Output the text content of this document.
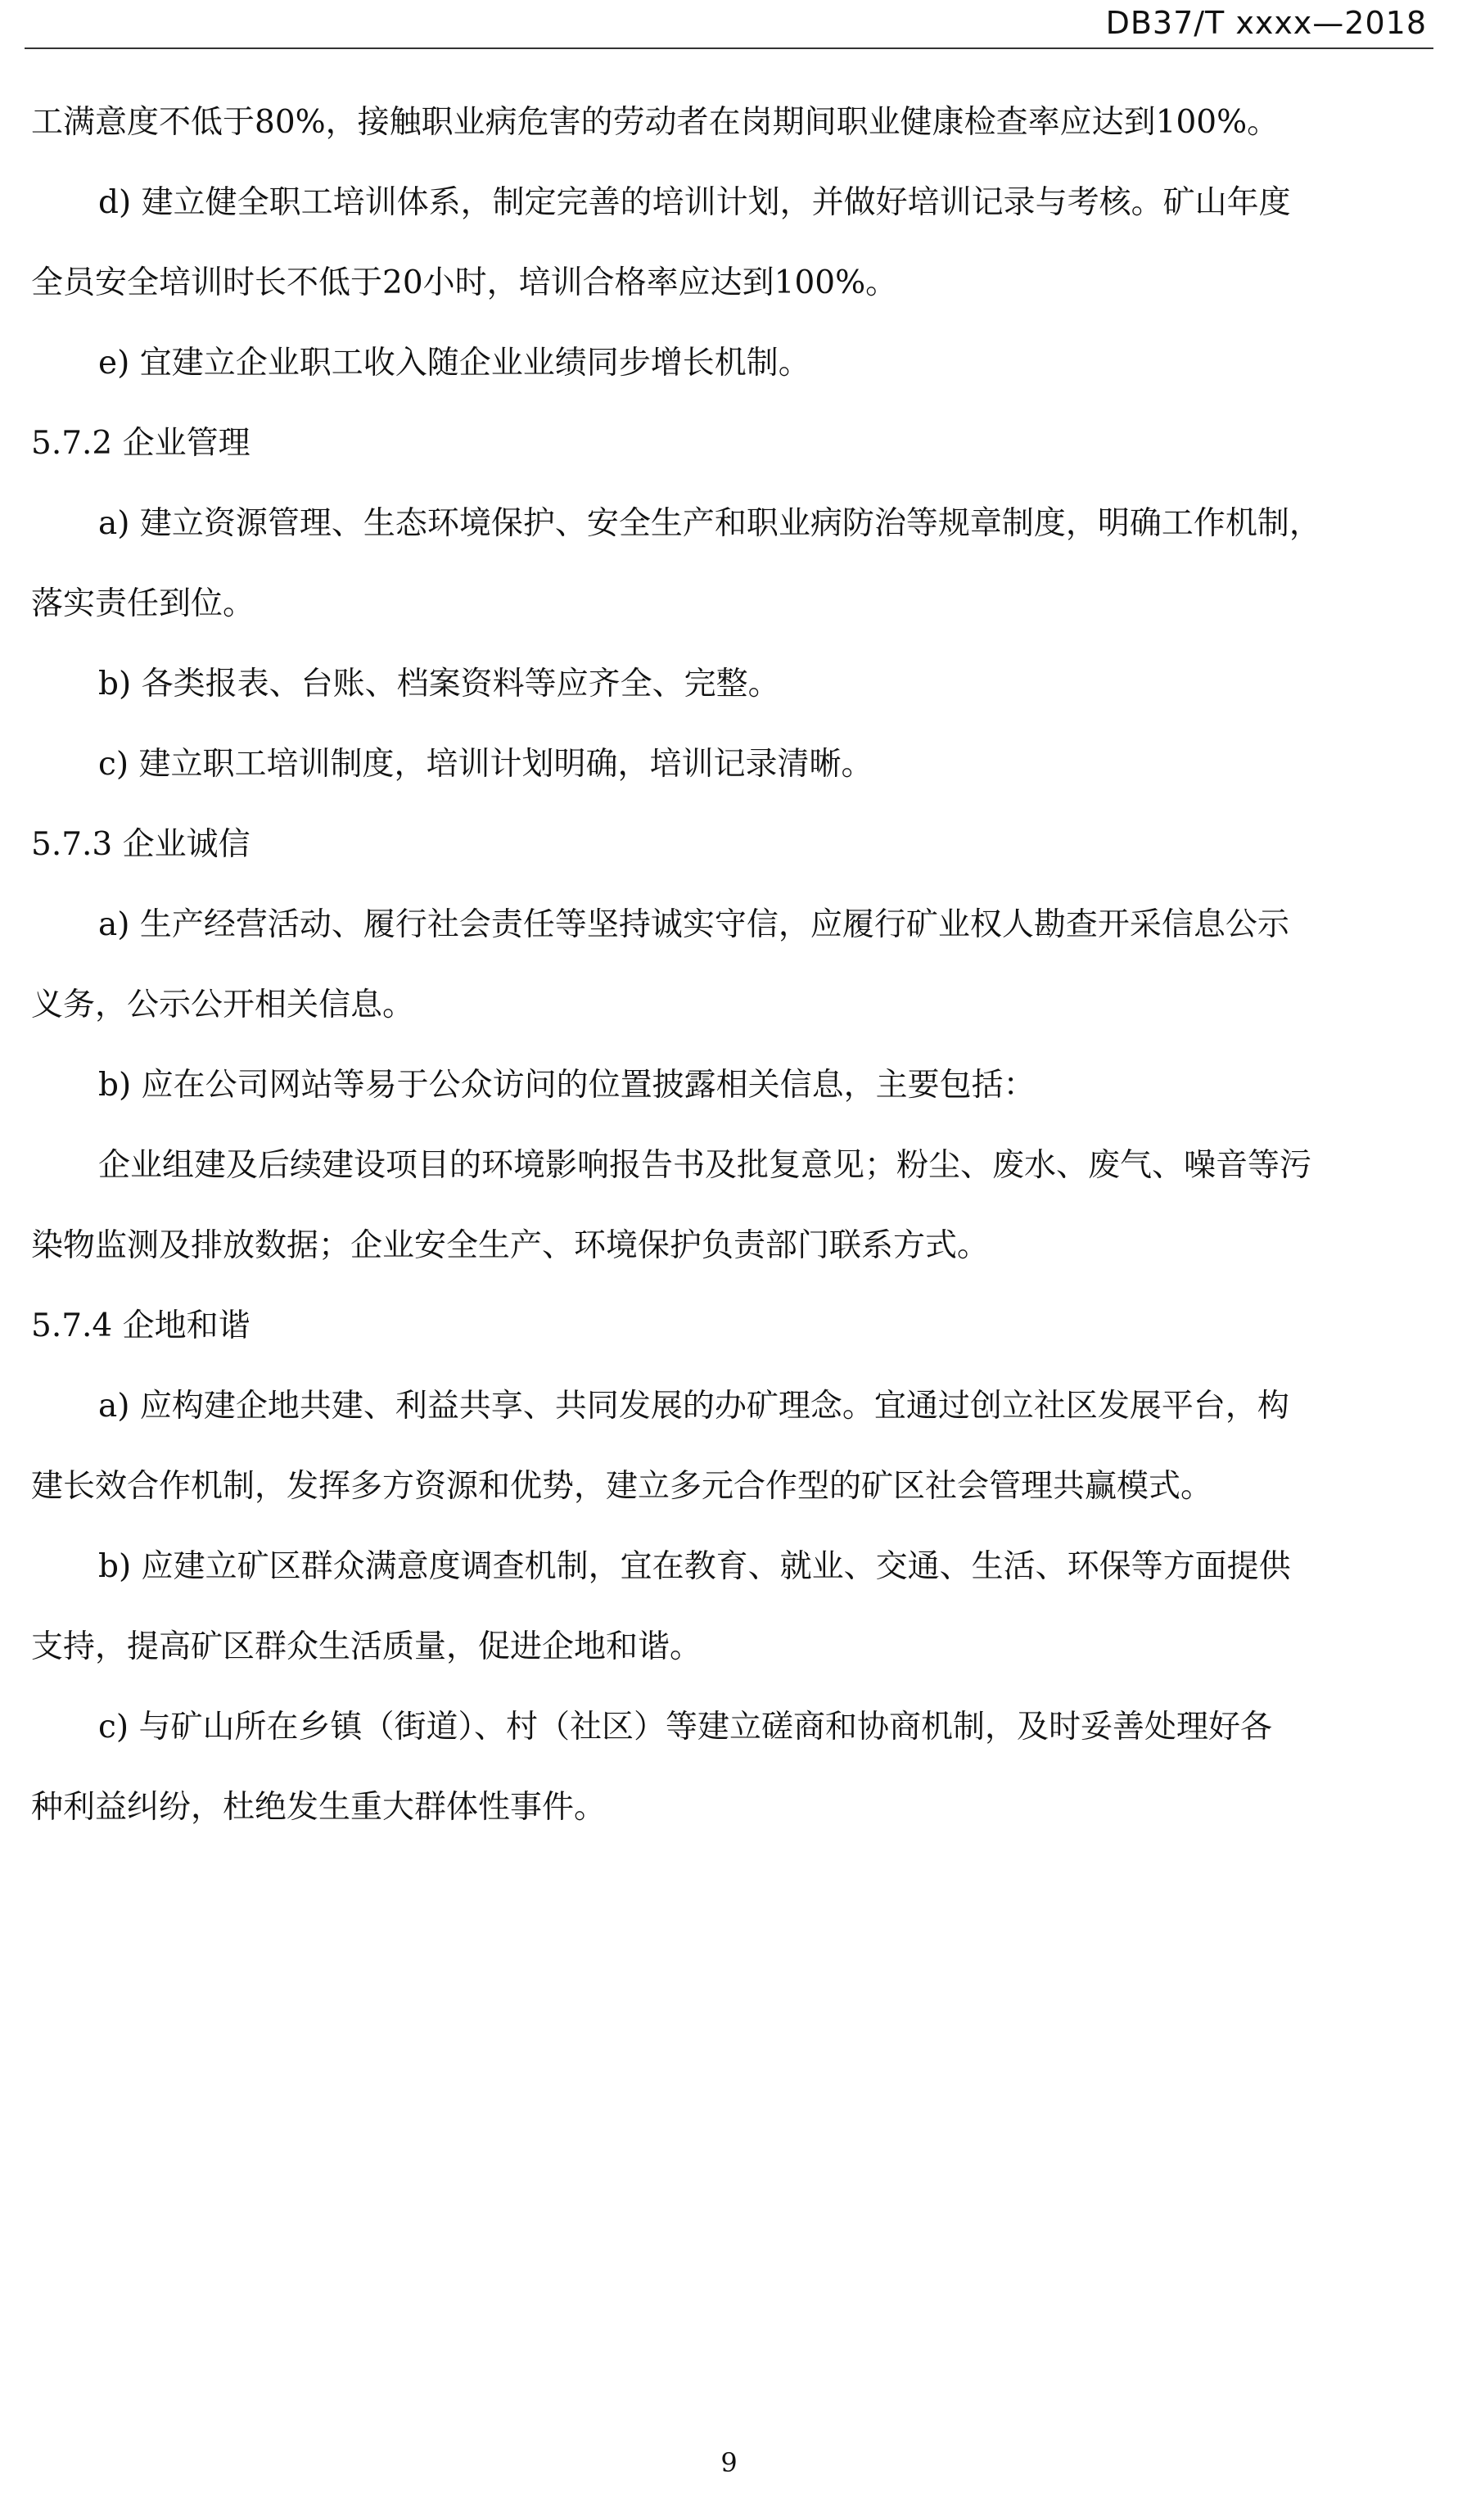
DB37/T xxxx—2018
工满意度不低于80%，接触职业病危害的劳动者在岗期间职业健康检查率应达到100%。
d) 建立健全职工培训体系，制定完善的培训计划，并做好培训记录与考核。矿山年度
全员安全培训时长不低于20小时，培训合格率应达到100%。
e) 宜建立企业职工收入随企业业绩同步增长机制。
5.7.2 企业管理
a) 建立资源管理、生态环境保护、安全生产和职业病防治等规章制度，明确工作机制，
落实责任到位。
b) 各类报表、台账、档案资料等应齐全、完整。
c) 建立职工培训制度，培训计划明确，培训记录清晰。
5.7.3 企业诚信
a) 生产经营活动、履行社会责任等坚持诚实守信，应履行矿业权人勘查开采信息公示
义务，公示公开相关信息。
b) 应在公司网站等易于公众访问的位置披露相关信息，主要包括：
企业组建及后续建设项目的环境影响报告书及批复意见；粉尘、废水、废气、噪音等污
染物监测及排放数据；企业安全生产、环境保护负责部门联系方式。
5.7.4 企地和谐
a) 应构建企地共建、利益共享、共同发展的办矿理念。宜通过创立社区发展平台，构
建长效合作机制，发挥多方资源和优势，建立多元合作型的矿区社会管理共赢模式。
b) 应建立矿区群众满意度调查机制，宜在教育、就业、交通、生活、环保等方面提供
支持，提高矿区群众生活质量，促进企地和谐。
c) 与矿山所在乡镇（街道）、村（社区）等建立磋商和协商机制，及时妥善处理好各
种利益纠纷，杜绝发生重大群体性事件。
9
